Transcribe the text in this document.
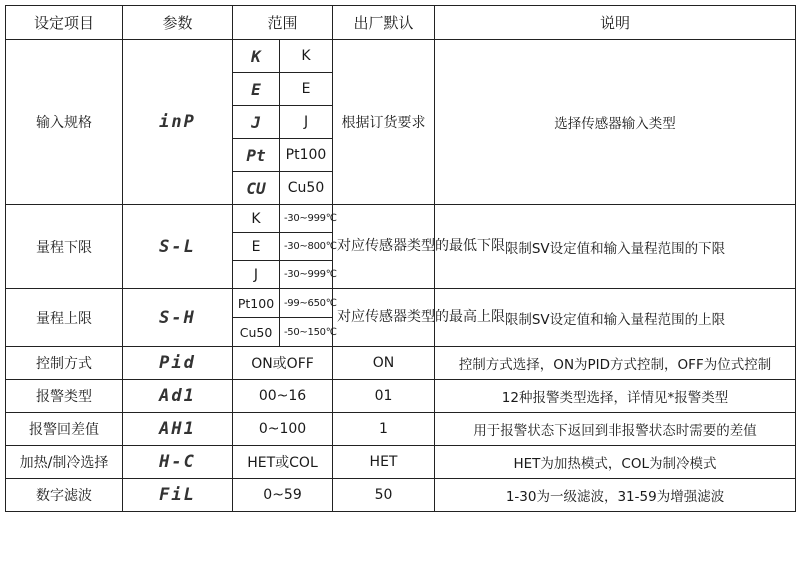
设定项目	参数	范围		出厂默认	说明
输入规格	inP	K	K	根据订货要求	选择传感器输入类型
		E	E		
		J	J		
		Pt	Pt100		
		CU	Cu50		
量程下限	S-L	K	-30~999℃	对应传感器类型的最低下限	限制SV设定值和输入量程范围的下限
		E	-30~800℃		
		J	-30~999℃		
量程上限	S-H	Pt100	-99~650℃	对应传感器类型的最高上限	限制SV设定值和输入量程范围的上限
		Cu50	-50~150℃		
控制方式	Pid	ON或OFF		ON	控制方式选择，ON为PID方式控制，OFF为位式控制
报警类型	Ad1	00~16		01	12种报警类型选择，详情见*报警类型
报警回差值	AH1	0~100		1	用于报警状态下返回到非报警状态时需要的差值
加热/制冷选择	H-C	HET或COL		HET	HET为加热模式，COL为制冷模式
数字滤波	FiL	0~59		50	1-30为一级滤波，31-59为增强滤波
